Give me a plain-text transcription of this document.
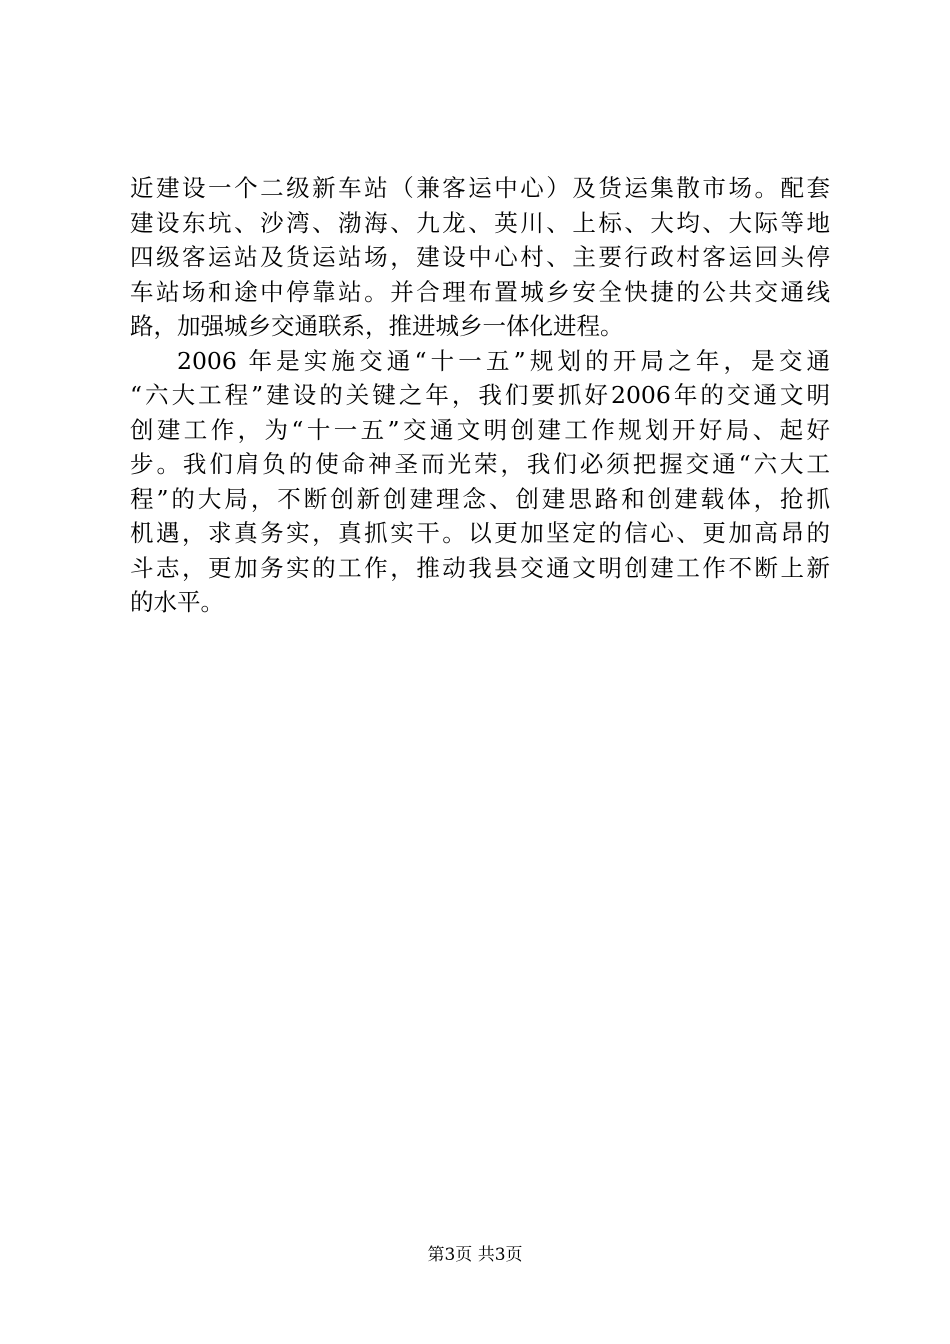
近建设一个二级新车站（兼客运中心）及货运集散市场。配套
建设东坑、沙湾、渤海、九龙、英川、上标、大均、大际等地
四级客运站及货运站场，建设中心村、主要行政村客运回头停
车站场和途中停靠站。并合理布置城乡安全快捷的公共交通线
路，加强城乡交通联系，推进城乡一体化进程。
2006 年是实施交通“十一五”规划的开局之年，是交通
“六大工程”建设的关键之年，我们要抓好2006年的交通文明
创建工作，为“十一五”交通文明创建工作规划开好局、起好
步。我们肩负的使命神圣而光荣，我们必须把握交通“六大工
程”的大局，不断创新创建理念、创建思路和创建载体，抢抓
机遇，求真务实，真抓实干。以更加坚定的信心、更加高昂的
斗志，更加务实的工作，推动我县交通文明创建工作不断上新
的水平。
第3页 共3页
